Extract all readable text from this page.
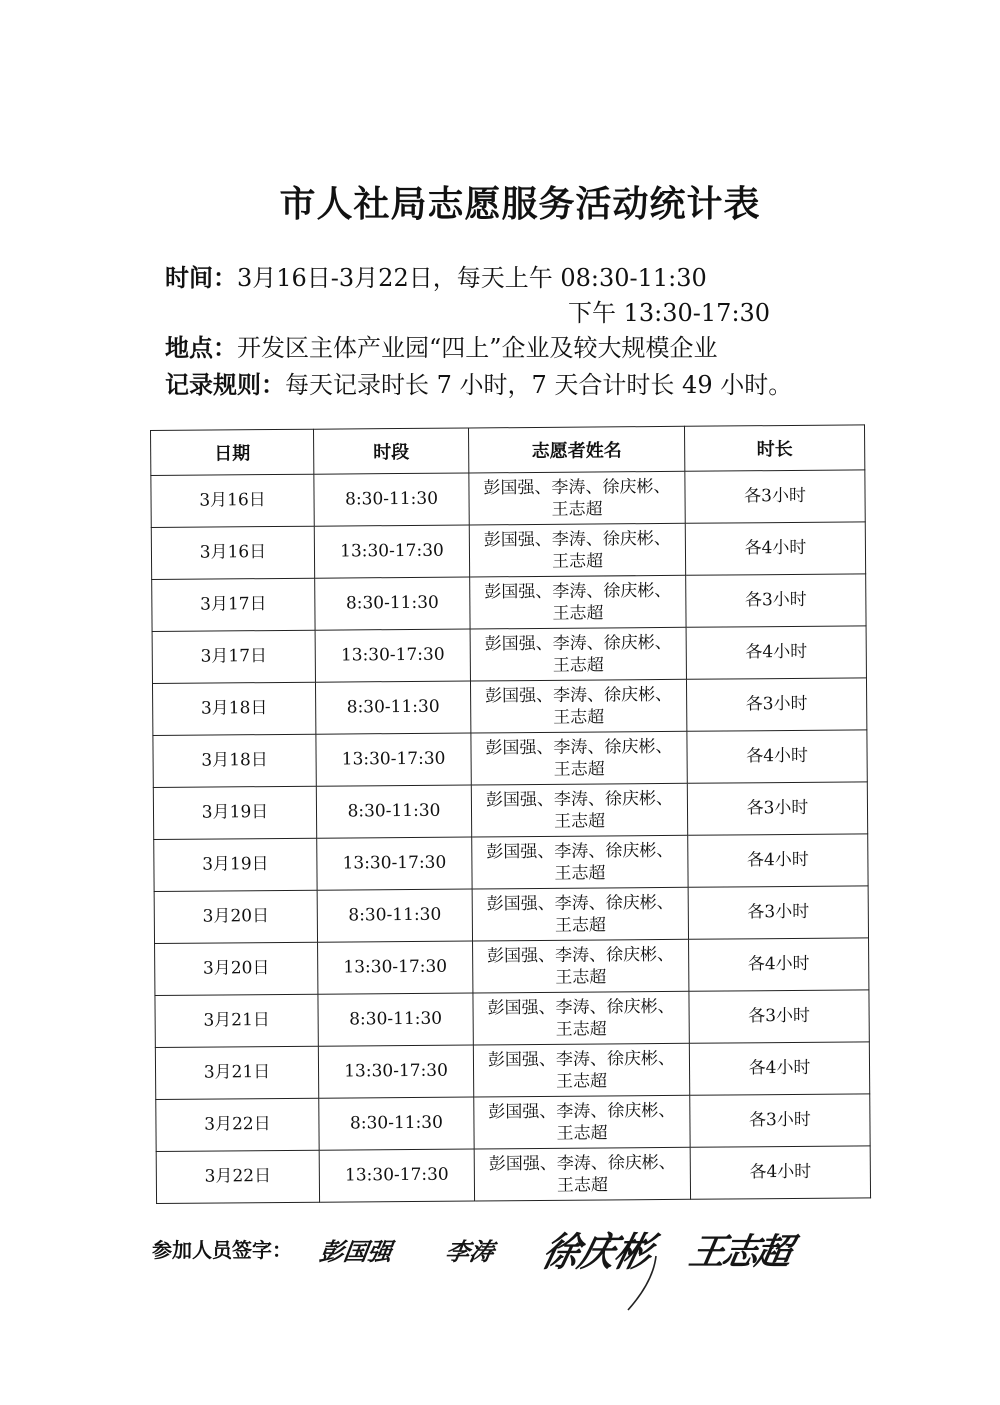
市人社局志愿服务活动统计表
时间：3月16日-3月22日，每天上午 08:30-11:30
下午 13:30-17:30
地点：开发区主体产业园“四上”企业及较大规模企业
记录规则：每天记录时长 7 小时，7 天合计时长 49 小时。
日期	时段	志愿者姓名	时长
3月16日	8:30-11:30	彭国强、李涛、徐庆彬、
王志超	各3小时
3月16日	13:30-17:30	彭国强、李涛、徐庆彬、
王志超	各4小时
3月17日	8:30-11:30	彭国强、李涛、徐庆彬、
王志超	各3小时
3月17日	13:30-17:30	彭国强、李涛、徐庆彬、
王志超	各4小时
3月18日	8:30-11:30	彭国强、李涛、徐庆彬、
王志超	各3小时
3月18日	13:30-17:30	彭国强、李涛、徐庆彬、
王志超	各4小时
3月19日	8:30-11:30	彭国强、李涛、徐庆彬、
王志超	各3小时
3月19日	13:30-17:30	彭国强、李涛、徐庆彬、
王志超	各4小时
3月20日	8:30-11:30	彭国强、李涛、徐庆彬、
王志超	各3小时
3月20日	13:30-17:30	彭国强、李涛、徐庆彬、
王志超	各4小时
3月21日	8:30-11:30	彭国强、李涛、徐庆彬、
王志超	各3小时
3月21日	13:30-17:30	彭国强、李涛、徐庆彬、
王志超	各4小时
3月22日	8:30-11:30	彭国强、李涛、徐庆彬、
王志超	各3小时
3月22日	13:30-17:30	彭国强、李涛、徐庆彬、
王志超	各4小时
参加人员签字： 彭国强 李涛 徐庆彬 王志超
